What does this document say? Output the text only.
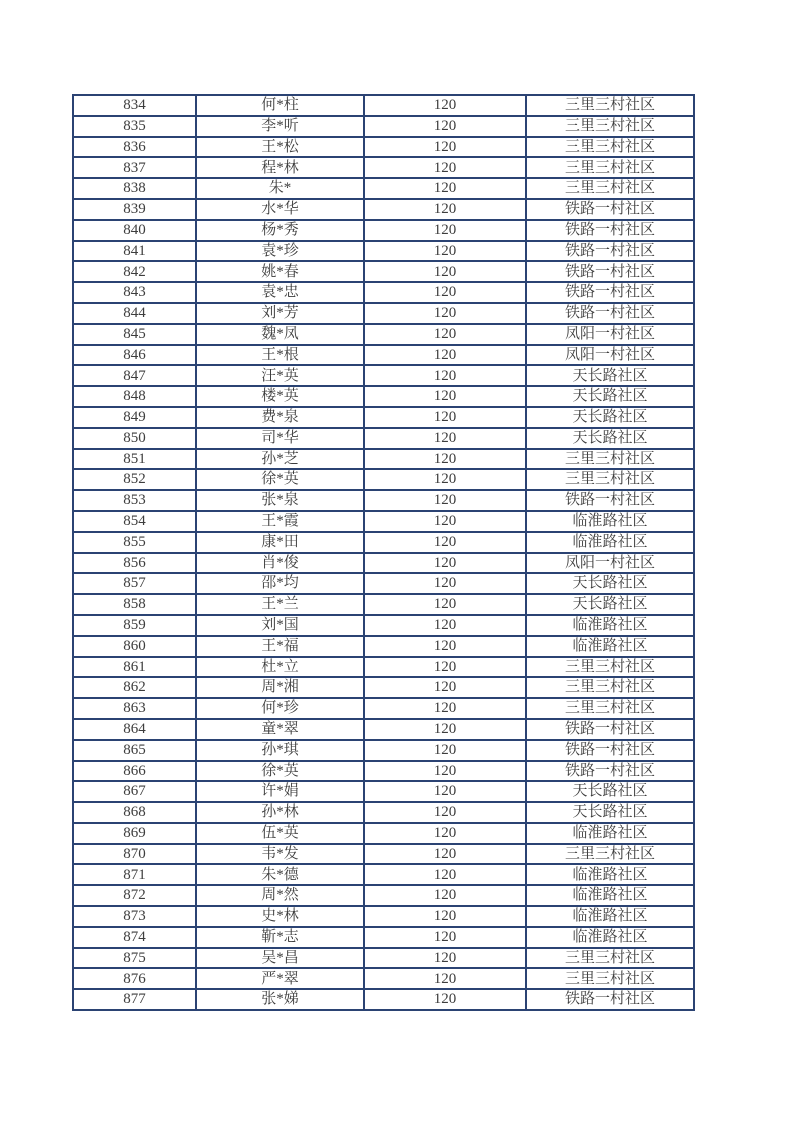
834	何*柱	120	三里三村社区
835	李*听	120	三里三村社区
836	王*松	120	三里三村社区
837	程*林	120	三里三村社区
838	朱*	120	三里三村社区
839	水*华	120	铁路一村社区
840	杨*秀	120	铁路一村社区
841	袁*珍	120	铁路一村社区
842	姚*春	120	铁路一村社区
843	袁*忠	120	铁路一村社区
844	刘*芳	120	铁路一村社区
845	魏*凤	120	凤阳一村社区
846	王*根	120	凤阳一村社区
847	汪*英	120	天长路社区
848	楼*英	120	天长路社区
849	费*泉	120	天长路社区
850	司*华	120	天长路社区
851	孙*芝	120	三里三村社区
852	徐*英	120	三里三村社区
853	张*泉	120	铁路一村社区
854	王*霞	120	临淮路社区
855	康*田	120	临淮路社区
856	肖*俊	120	凤阳一村社区
857	邵*均	120	天长路社区
858	王*兰	120	天长路社区
859	刘*国	120	临淮路社区
860	王*福	120	临淮路社区
861	杜*立	120	三里三村社区
862	周*湘	120	三里三村社区
863	何*珍	120	三里三村社区
864	童*翠	120	铁路一村社区
865	孙*琪	120	铁路一村社区
866	徐*英	120	铁路一村社区
867	许*娟	120	天长路社区
868	孙*林	120	天长路社区
869	伍*英	120	临淮路社区
870	韦*发	120	三里三村社区
871	朱*德	120	临淮路社区
872	周*然	120	临淮路社区
873	史*林	120	临淮路社区
874	靳*志	120	临淮路社区
875	吴*昌	120	三里三村社区
876	严*翠	120	三里三村社区
877	张*娣	120	铁路一村社区
